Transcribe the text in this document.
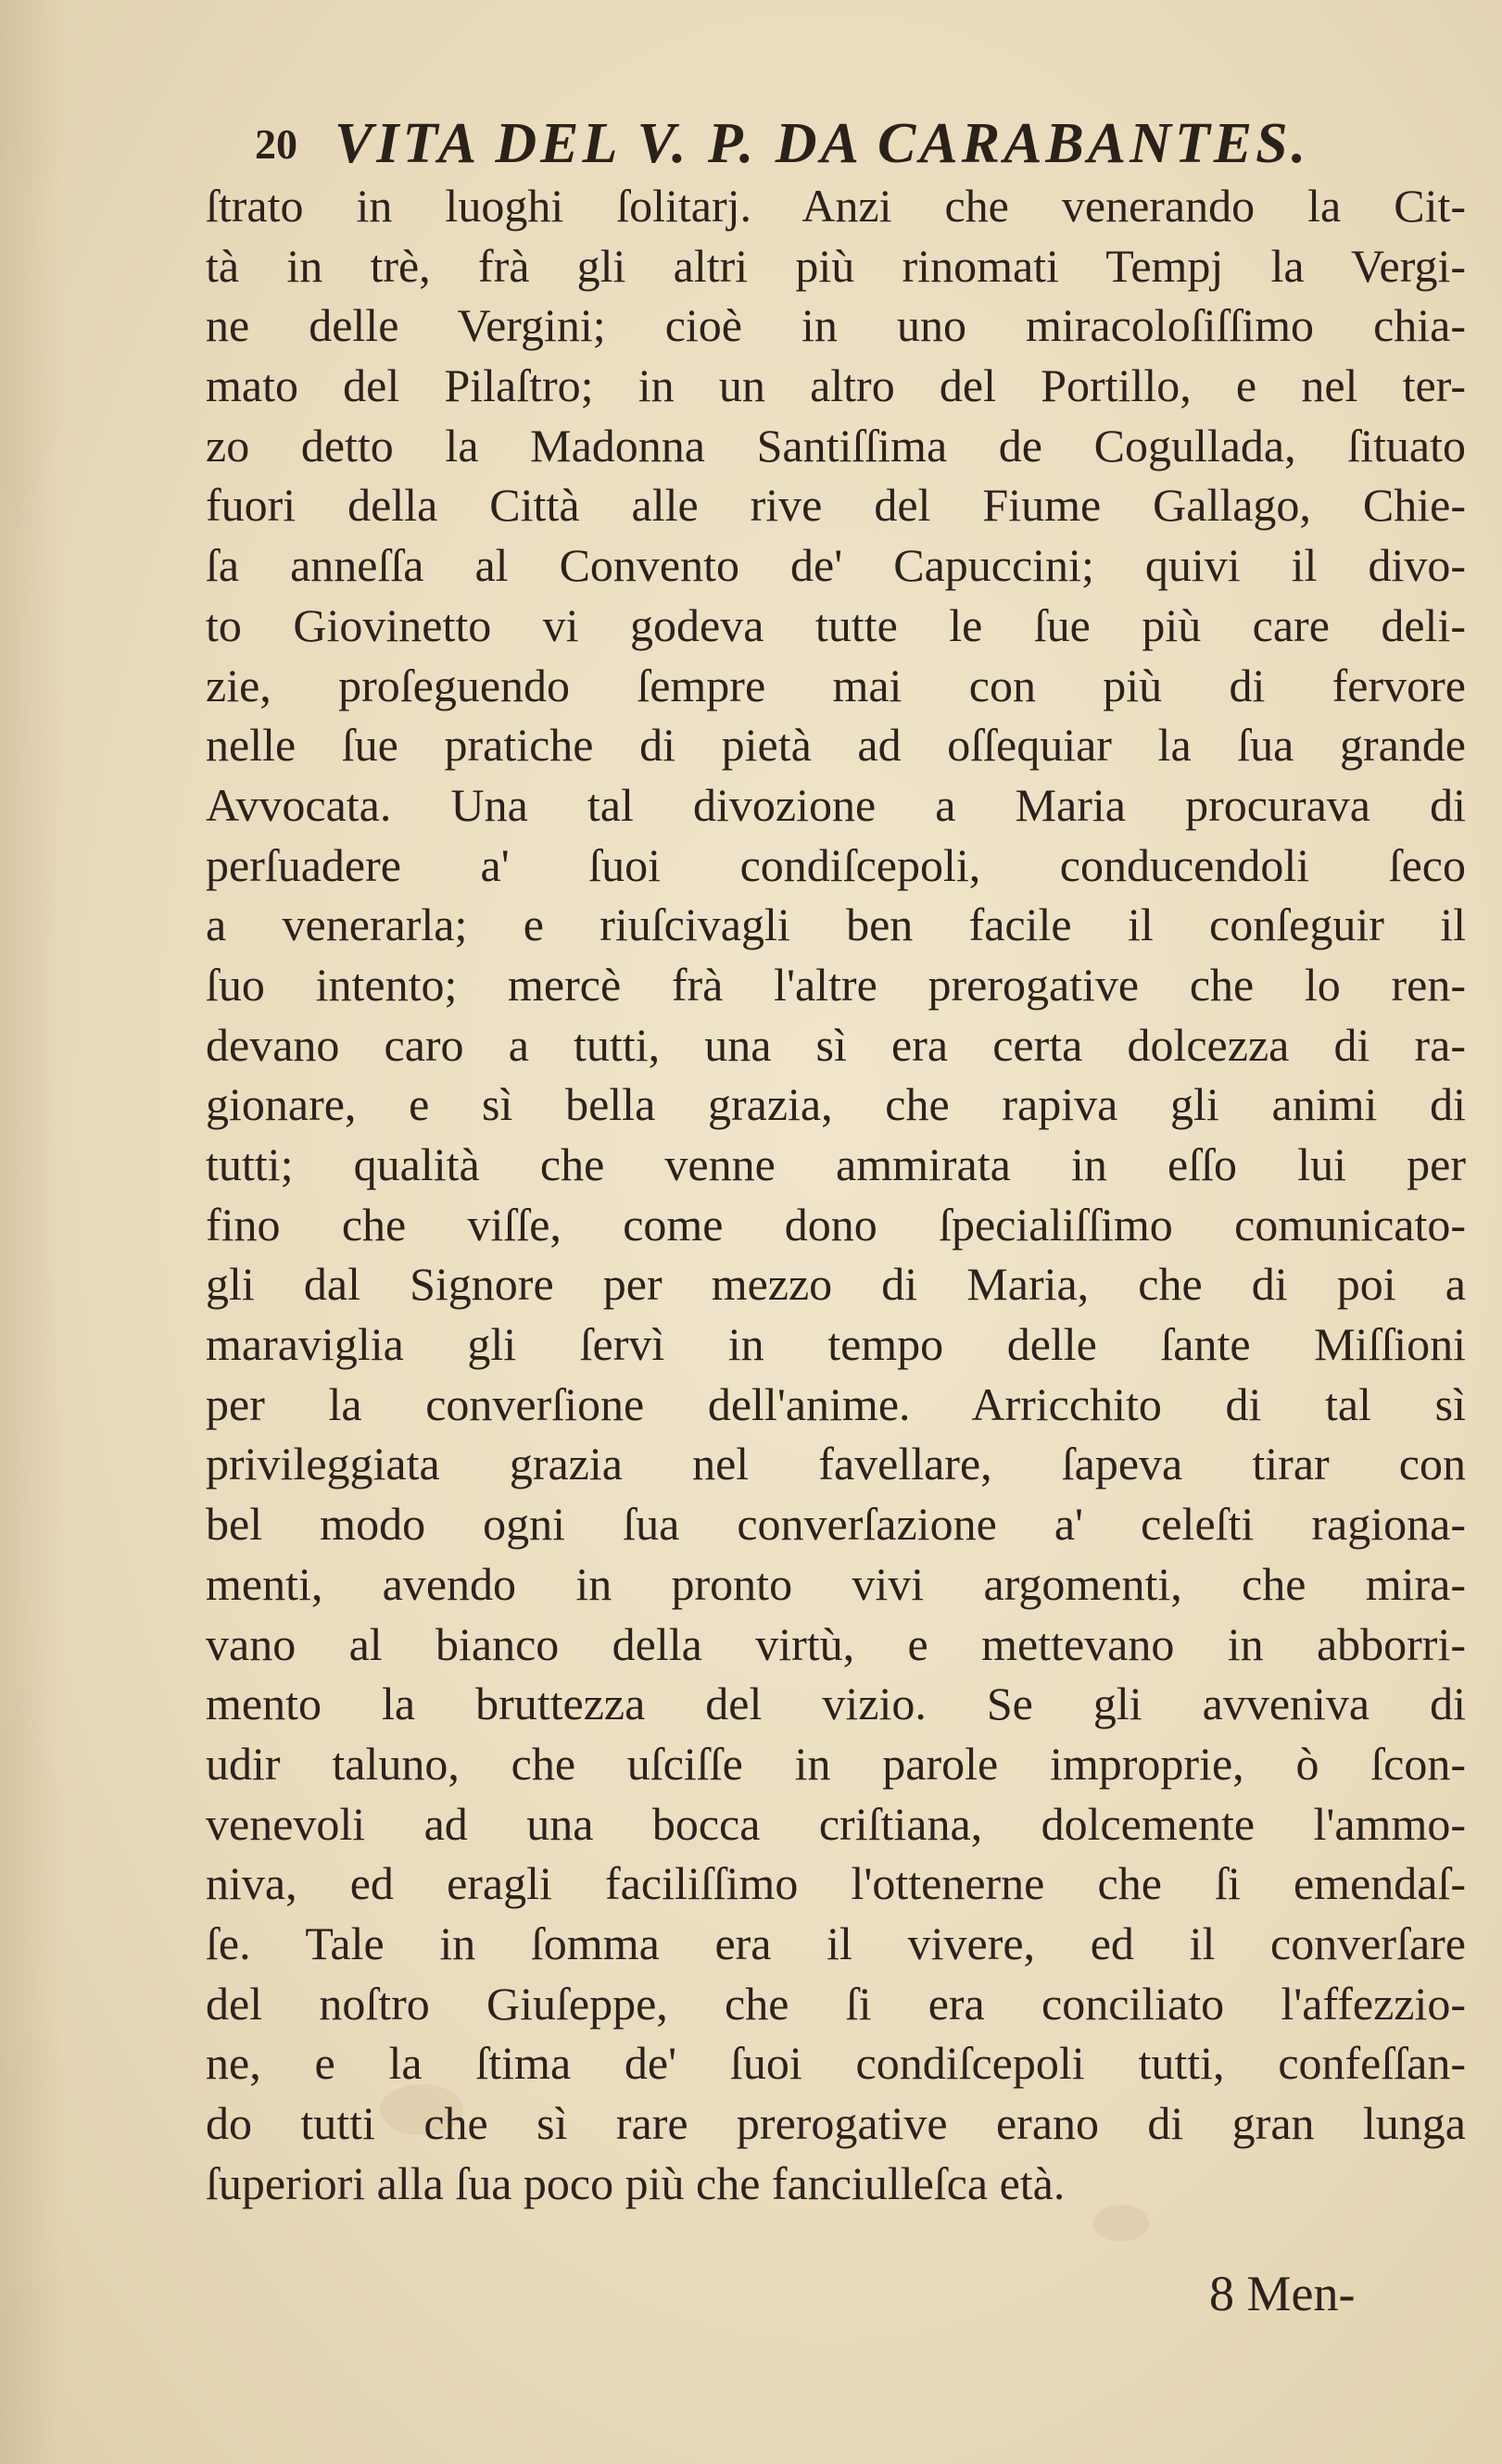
20 VITA DEL V. P. DA CARABANTES.
ſtrato in luoghi ſolitarj. Anzi che venerando la Cit-
tà in trè, frà gli altri più rinomati Tempj la Vergi-
ne delle Vergini; cioè in uno miracoloſiſſimo chia-
mato del Pilaſtro; in un altro del Portillo, e nel ter-
zo detto la Madonna Santiſſima de Cogullada, ſituato
fuori della Città alle rive del Fiume Gallago, Chie-
ſa anneſſa al Convento de' Capuccini; quivi il divo-
to Giovinetto vi godeva tutte le ſue più care deli-
zie, proſeguendo ſempre mai con più di fervore
nelle ſue pratiche di pietà ad oſſequiar la ſua grande
Avvocata. Una tal divozione a Maria procurava di
perſuadere a' ſuoi condiſcepoli, conducendoli ſeco
a venerarla; e riuſcivagli ben facile il conſeguir il
ſuo intento; mercè frà l'altre prerogative che lo ren-
devano caro a tutti, una sì era certa dolcezza di ra-
gionare, e sì bella grazia, che rapiva gli animi di
tutti; qualità che venne ammirata in eſſo lui per
fino che viſſe, come dono ſpecialiſſimo comunicato-
gli dal Signore per mezzo di Maria, che di poi a
maraviglia gli ſervì in tempo delle ſante Miſſioni
per la converſione dell'anime. Arricchito di tal sì
privileggiata grazia nel favellare, ſapeva tirar con
bel modo ogni ſua converſazione a' celeſti ragiona-
menti, avendo in pronto vivi argomenti, che mira-
vano al bianco della virtù, e mettevano in abborri-
mento la bruttezza del vizio. Se gli avveniva di
udir taluno, che uſciſſe in parole improprie, ò ſcon-
venevoli ad una bocca criſtiana, dolcemente l'ammo-
niva, ed eragli faciliſſimo l'ottenerne che ſi emendaſ-
ſe. Tale in ſomma era il vivere, ed il converſare
del noſtro Giuſeppe, che ſi era conciliato l'affezzio-
ne, e la ſtima de' ſuoi condiſcepoli tutti, confeſſan-
do tutti che sì rare prerogative erano di gran lunga
ſuperiori alla ſua poco più che fanciulleſca età.
8 Men-
